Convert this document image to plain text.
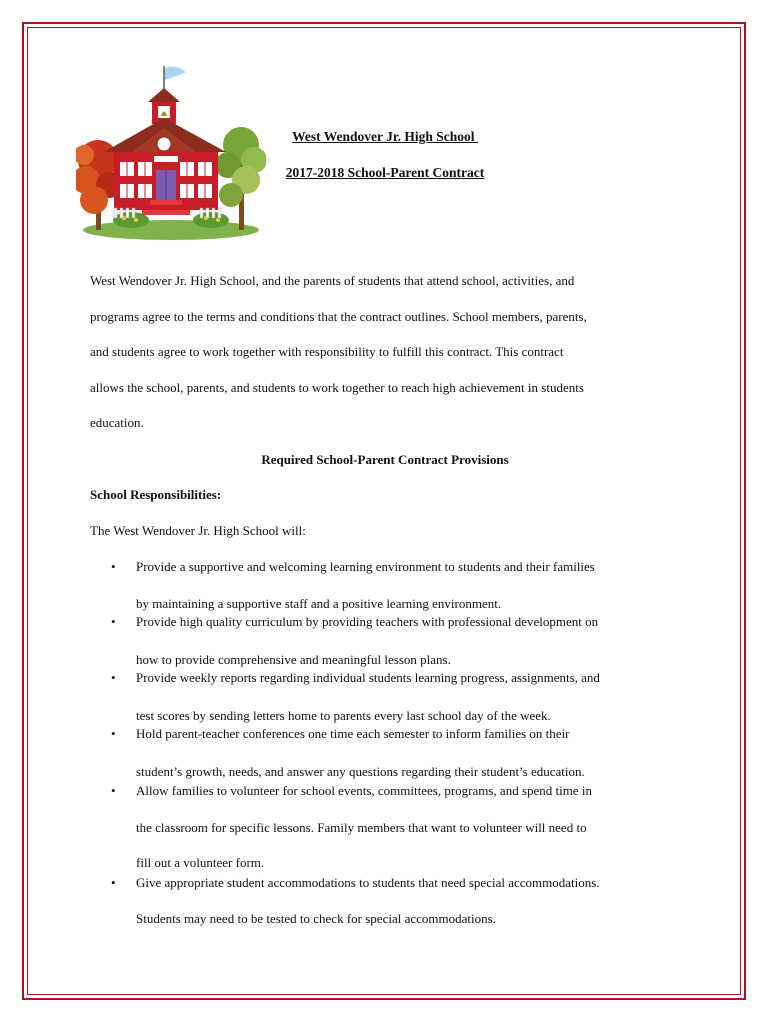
West Wendover Jr. High School
2017-2018 School-Parent Contract
West Wendover Jr. High School, and the parents of students that attend school, activities, and
programs agree to the terms and conditions that the contract outlines. School members, parents,
and students agree to work together with responsibility to fulfill this contract. This contract
allows the school, parents, and students to work together to reach high achievement in students
education.
Required School-Parent Contract Provisions
School Responsibilities:
The West Wendover Jr. High School will:
• Provide a supportive and welcoming learning environment to students and their families
by maintaining a supportive staff and a positive learning environment.
• Provide high quality curriculum by providing teachers with professional development on
how to provide comprehensive and meaningful lesson plans.
• Provide weekly reports regarding individual students learning progress, assignments, and
test scores by sending letters home to parents every last school day of the week.
• Hold parent-teacher conferences one time each semester to inform families on their
student’s growth, needs, and answer any questions regarding their student’s education.
• Allow families to volunteer for school events, committees, programs, and spend time in
the classroom for specific lessons. Family members that want to volunteer will need to
fill out a volunteer form.
• Give appropriate student accommodations to students that need special accommodations.
Students may need to be tested to check for special accommodations.
